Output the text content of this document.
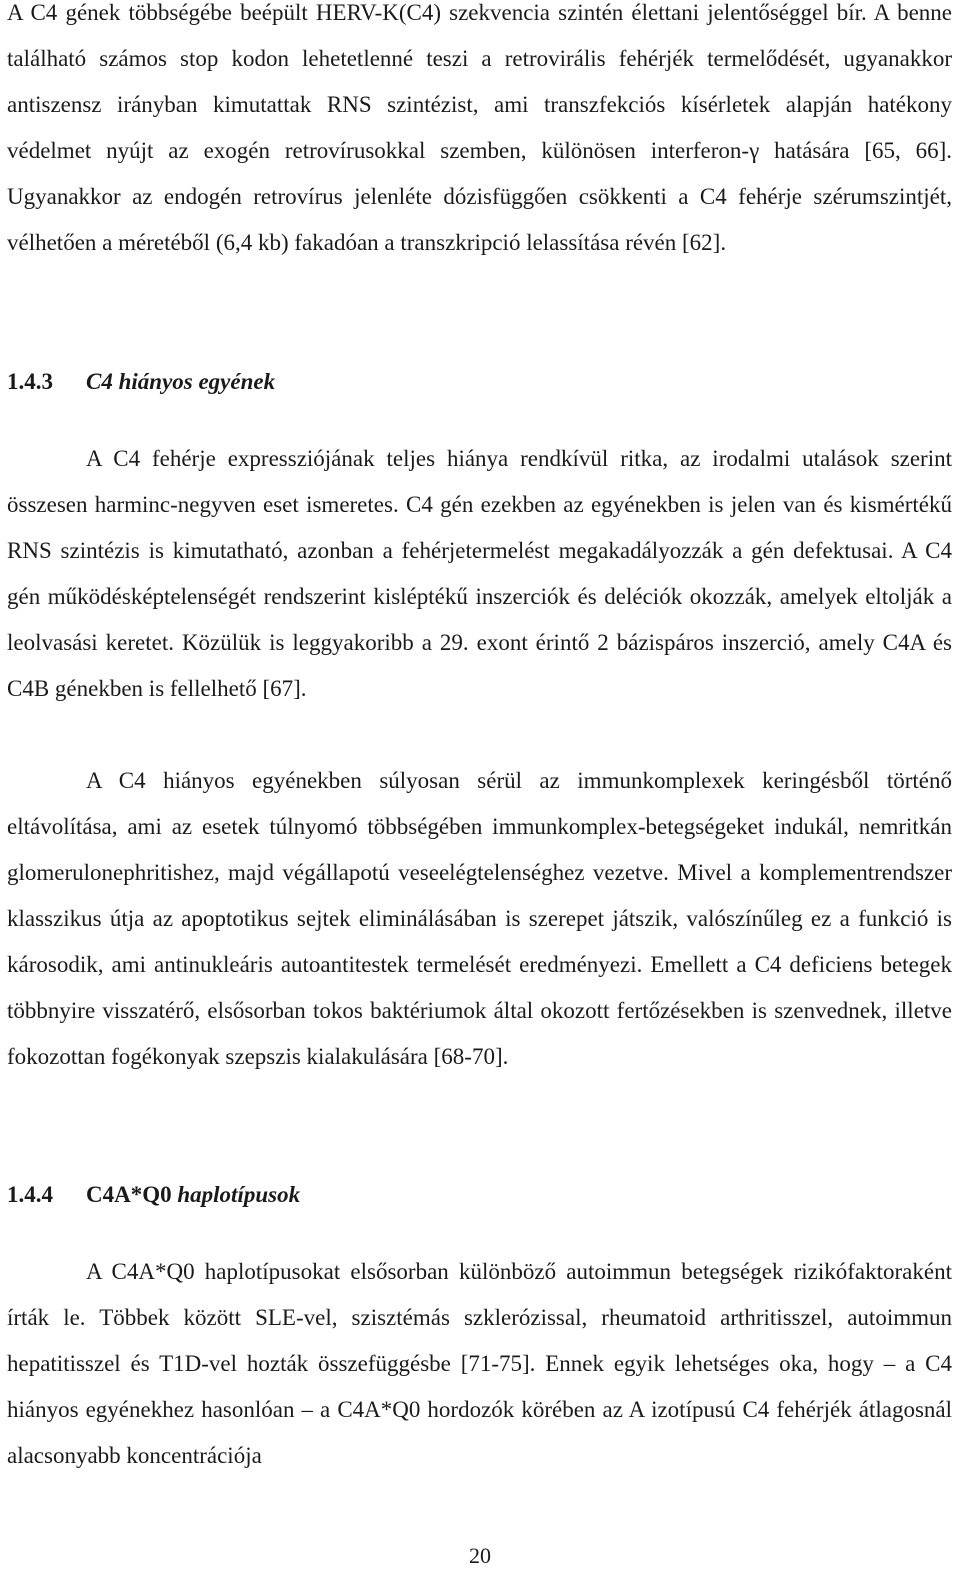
A C4 gének többségébe beépült HERV-K(C4) szekvencia szintén élettani jelentőséggel bír. A benne található számos stop kodon lehetetlenné teszi a retrovirális fehérjék termelődését, ugyanakkor antiszensz irányban kimutattak RNS szintézist, ami transzfekciós kísérletek alapján hatékony védelmet nyújt az exogén retrovírusokkal szemben, különösen interferon-γ hatására [65, 66]. Ugyanakkor az endogén retrovírus jelenléte dózisfüggően csökkenti a C4 fehérje szérumszintjét, vélhetően a méretéből (6,4 kb) fakadóan a transzkripció lelassítása révén [62].

1.4.3 C4 hiányos egyének

A C4 fehérje expressziójának teljes hiánya rendkívül ritka, az irodalmi utalások szerint összesen harminc-negyven eset ismeretes. C4 gén ezekben az egyénekben is jelen van és kismértékű RNS szintézis is kimutatható, azonban a fehérjetermelést megakadályozzák a gén defektusai. A C4 gén működésképtelenségét rendszerint kisléptékű inszerciók és deléciók okozzák, amelyek eltolják a leolvasási keretet. Közülük is leggyakoribb a 29. exont érintő 2 bázispáros inszerció, amely C4A és C4B génekben is fellelhető [67].

A C4 hiányos egyénekben súlyosan sérül az immunkomplexek keringésből történő eltávolítása, ami az esetek túlnyomó többségében immunkomplex-betegségeket indukál, nemritkán glomerulonephritishez, majd végállapotú veseelégtelenséghez vezetve. Mivel a komplementrendszer klasszikus útja az apoptotikus sejtek eliminálásában is szerepet játszik, valószínűleg ez a funkció is károsodik, ami antinukleáris autoantitestek termelését eredményezi. Emellett a C4 deficiens betegek többnyire visszatérő, elsősorban tokos baktériumok által okozott fertőzésekben is szenvednek, illetve fokozottan fogékonyak szepszis kialakulására [68-70].

1.4.4 C4A*Q0 haplotípusok

A C4A*Q0 haplotípusokat elsősorban különböző autoimmun betegségek rizikófaktoraként írták le. Többek között SLE-vel, szisztémás szklerózissal, rheumatoid arthritisszel, autoimmun hepatitisszel és T1D-vel hozták összefüggésbe [71-75]. Ennek egyik lehetséges oka, hogy – a C4 hiányos egyénekhez hasonlóan – a C4A*Q0 hordozók körében az A izotípusú C4 fehérjék átlagosnál alacsonyabb koncentrációja

20
